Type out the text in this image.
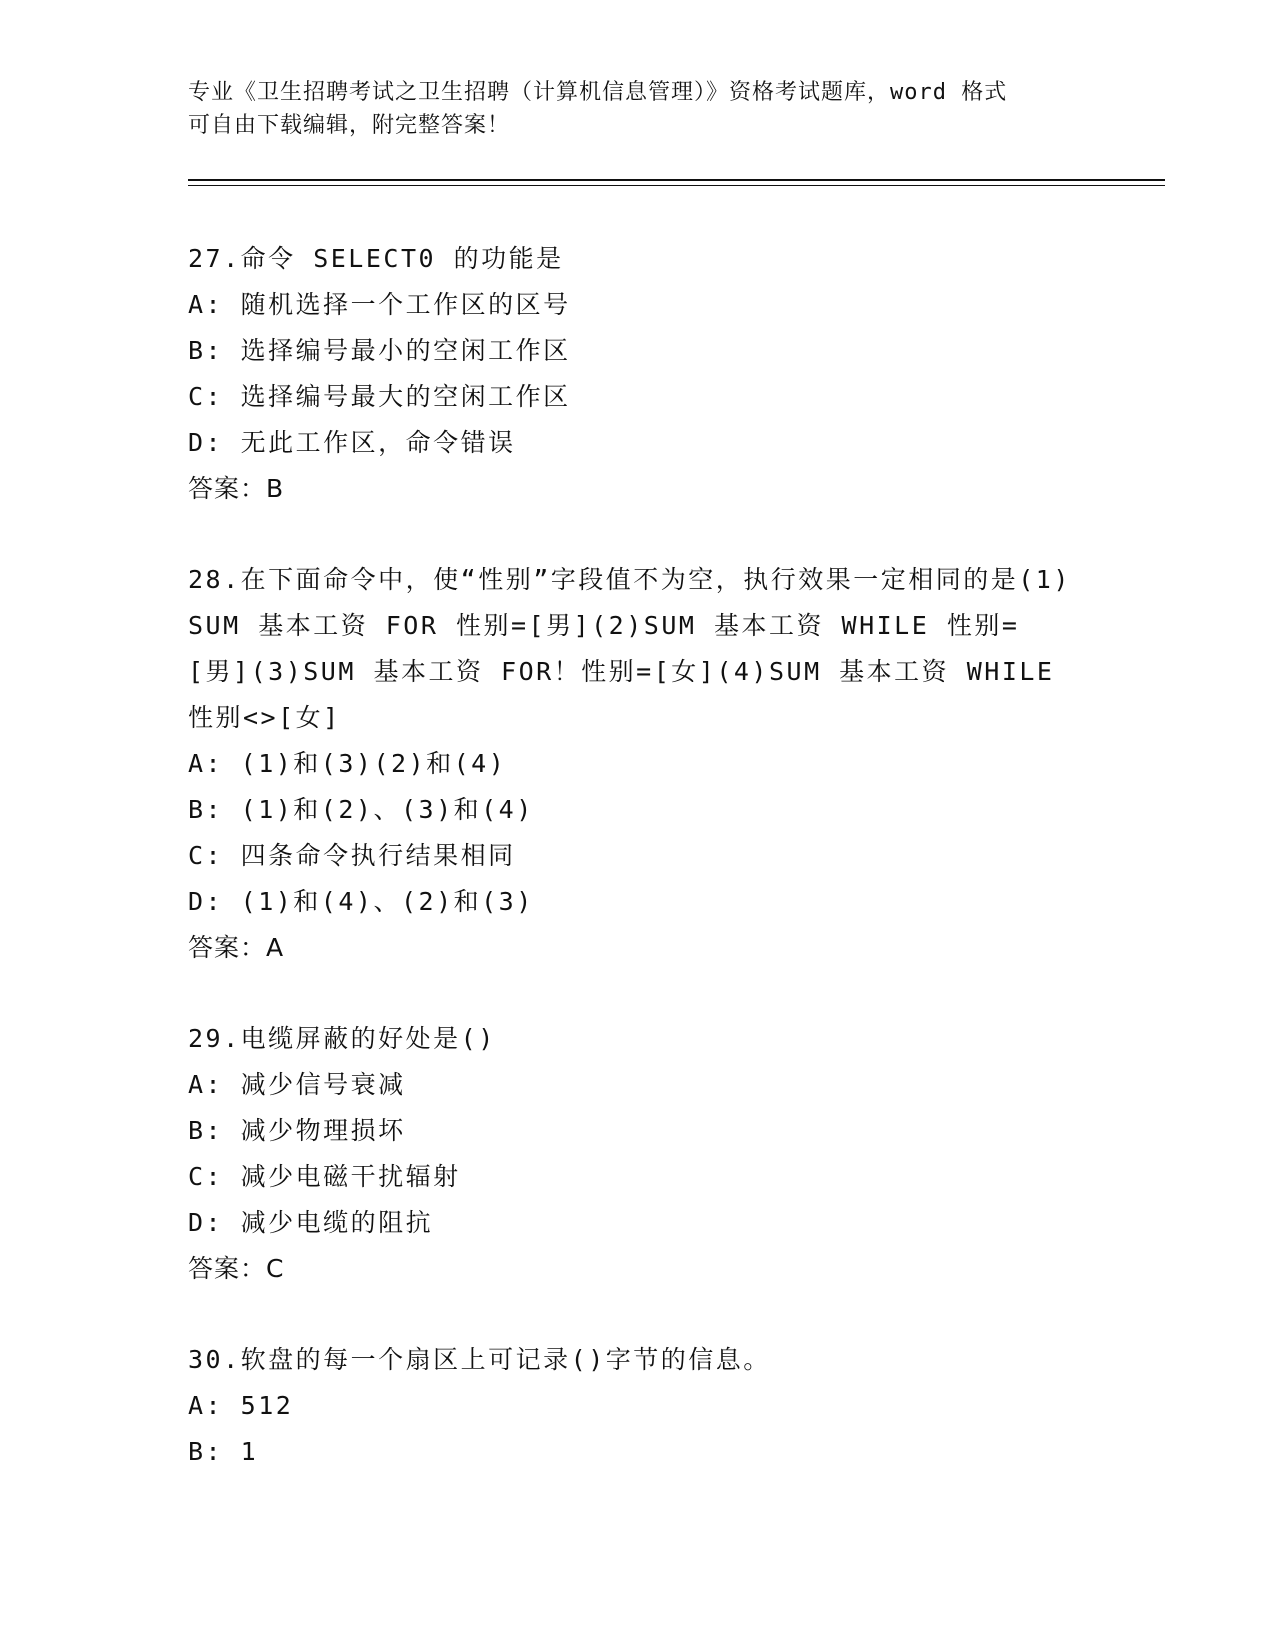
专业《卫生招聘考试之卫生招聘（计算机信息管理）》资格考试题库，word 格式
可自由下载编辑，附完整答案！
27.命令 SELECT0 的功能是
A: 随机选择一个工作区的区号
B: 选择编号最小的空闲工作区
C: 选择编号最大的空闲工作区
D: 无此工作区，命令错误
答案：B
28.在下面命令中，使“性别”字段值不为空，执行效果一定相同的是(1)SUM 基本工资 FOR 性别=[男](2)SUM 基本工资 WHILE 性别=[男](3)SUM 基本工资 FOR！性别=[女](4)SUM 基本工资 WHILE 性别<>[女]
A: (1)和(3)(2)和(4)
B: (1)和(2)、(3)和(4)
C: 四条命令执行结果相同
D: (1)和(4)、(2)和(3)
答案：A
29.电缆屏蔽的好处是()
A: 减少信号衰减
B: 减少物理损坏
C: 减少电磁干扰辐射
D: 减少电缆的阻抗
答案：C
30.软盘的每一个扇区上可记录()字节的信息。
A: 512
B: 1
